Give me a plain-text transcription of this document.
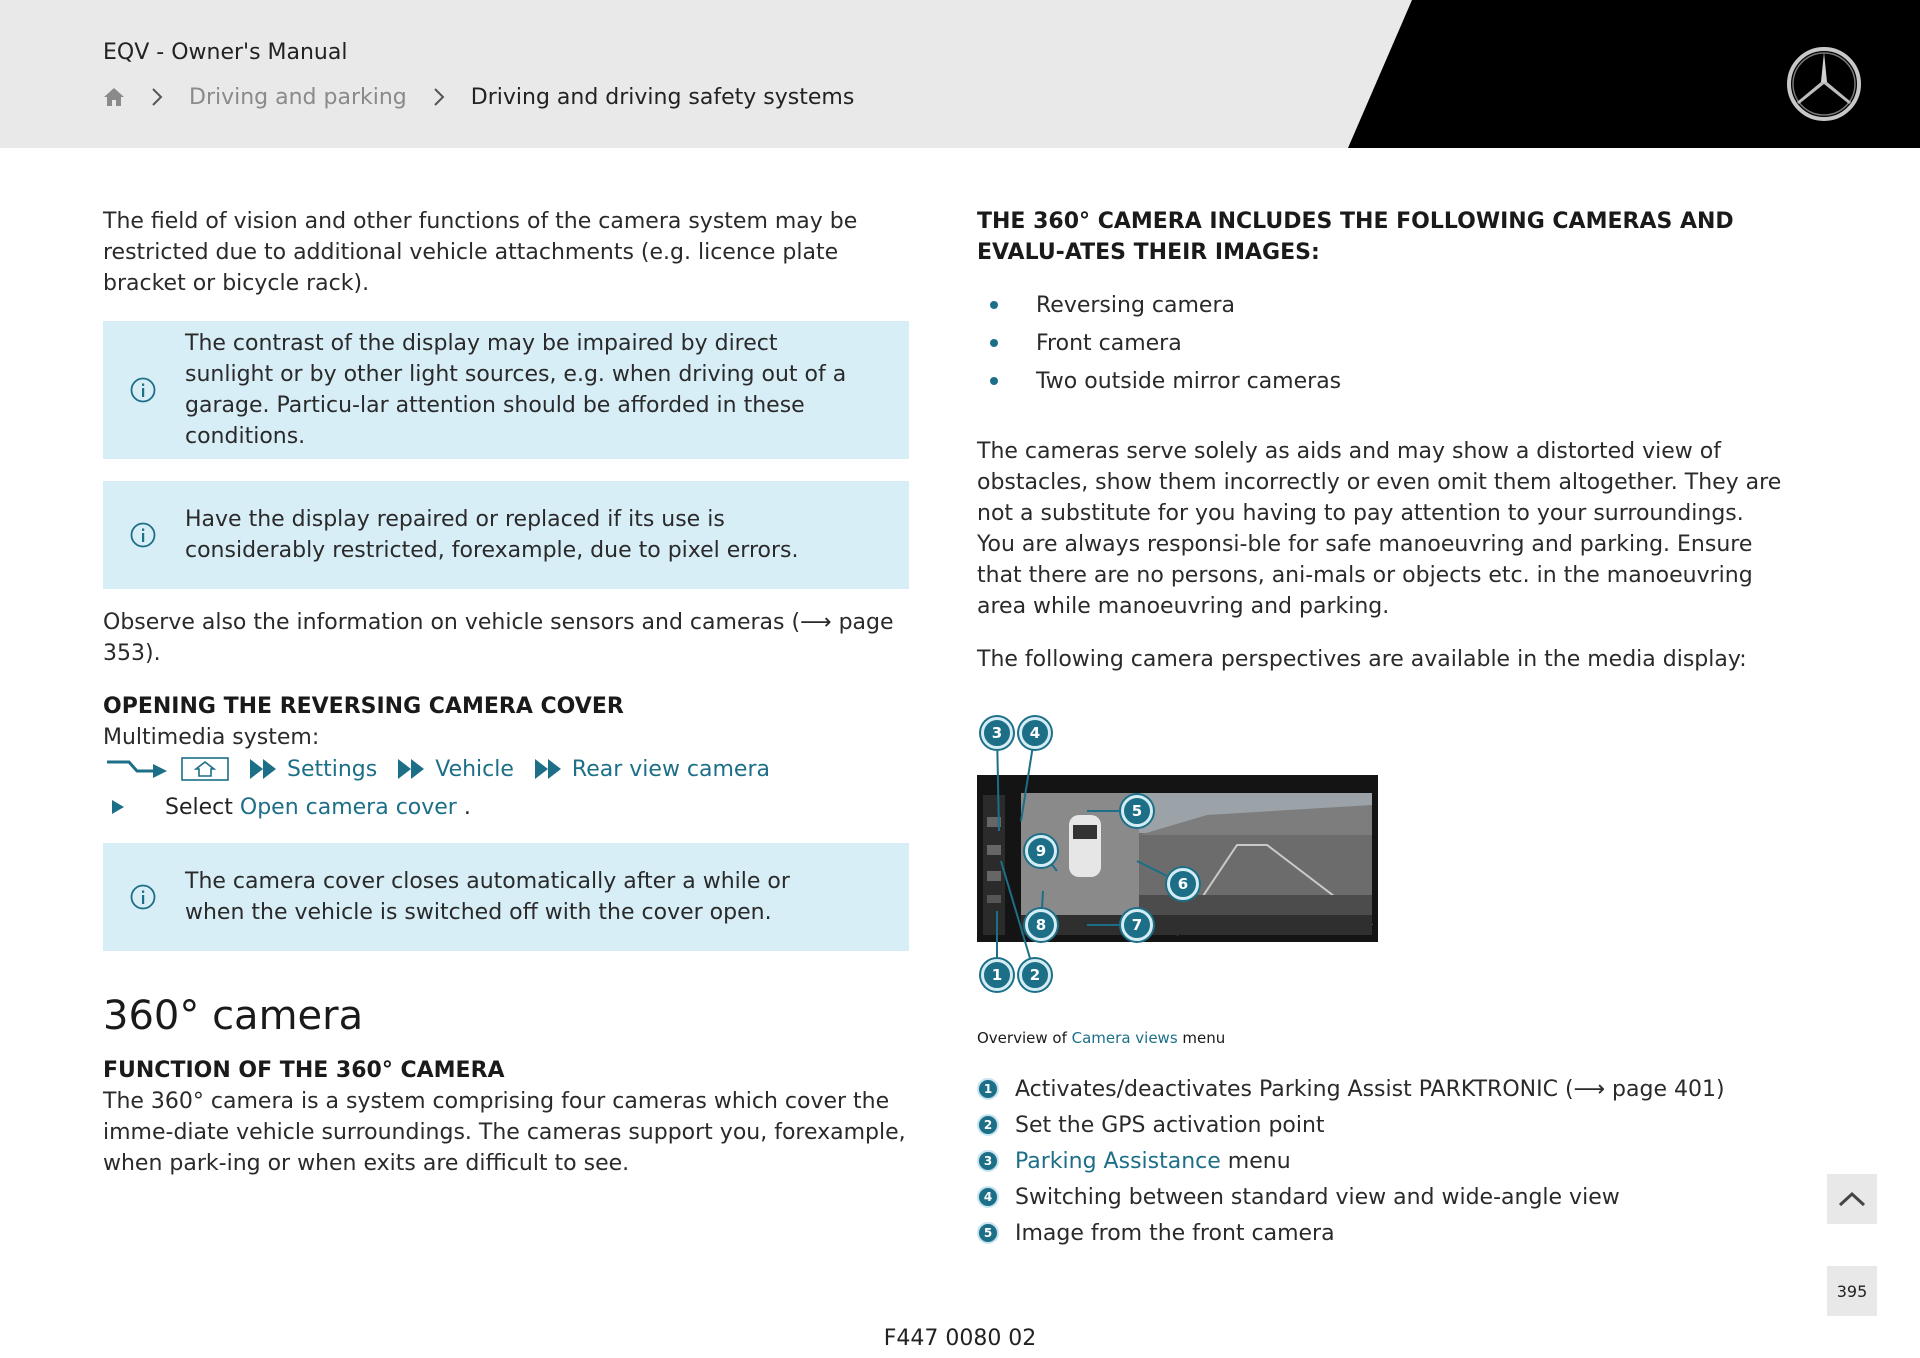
EQV - Owner's Manual
Driving and parking	Driving and driving safety systems

The field of vision and other functions of the camera system may be restricted due to additional vehicle attachments (e.g. licence plate bracket or bicycle rack).

The contrast of the display may be impaired by direct sunlight or by other light sources, e.g. when driving out of a garage. Particu-lar attention should be afforded in these conditions.

Have the display repaired or replaced if its use is considerably restricted, forexample, due to pixel errors.

Observe also the information on vehicle sensors and cameras (⟶ page 353).

OPENING THE REVERSING CAMERA COVER

Multimedia system:

Settings	Vehicle	Rear view camera
Select
Open camera cover
.

The camera cover closes automatically after a while or when the vehicle is switched off with the cover open.

360° camera
FUNCTION OF THE 360° CAMERA

The 360° camera is a system comprising four cameras which cover the imme-diate vehicle surroundings. The cameras support you, forexample, when park-ing or when exits are difficult to see.

THE 360° CAMERA INCLUDES THE FOLLOWING CAMERAS AND EVALU-ATES THEIR IMAGES:
Reversing camera
Front camera
Two outside mirror cameras

The cameras serve solely as aids and may show a distorted view of obstacles, show them incorrectly or even omit them altogether. They are not a substitute for you having to pay attention to your surroundings. You are always responsi-ble for safe manoeuvring and parking. Ensure that there are no persons, ani-mals or objects etc. in the manoeuvring area while manoeuvring and parking.

The following camera perspectives are available in the media display:

3	4
5
6
7
9
8
1	2
Overview of Camera views menu
1	Activates/deactivates Parking Assist PARKTRONIC (⟶ page 401)
2	Set the GPS activation point
3	Parking Assistance menu
4	Switching between standard view and wide-angle view
5	Image from the front camera
395
F447 0080 02
